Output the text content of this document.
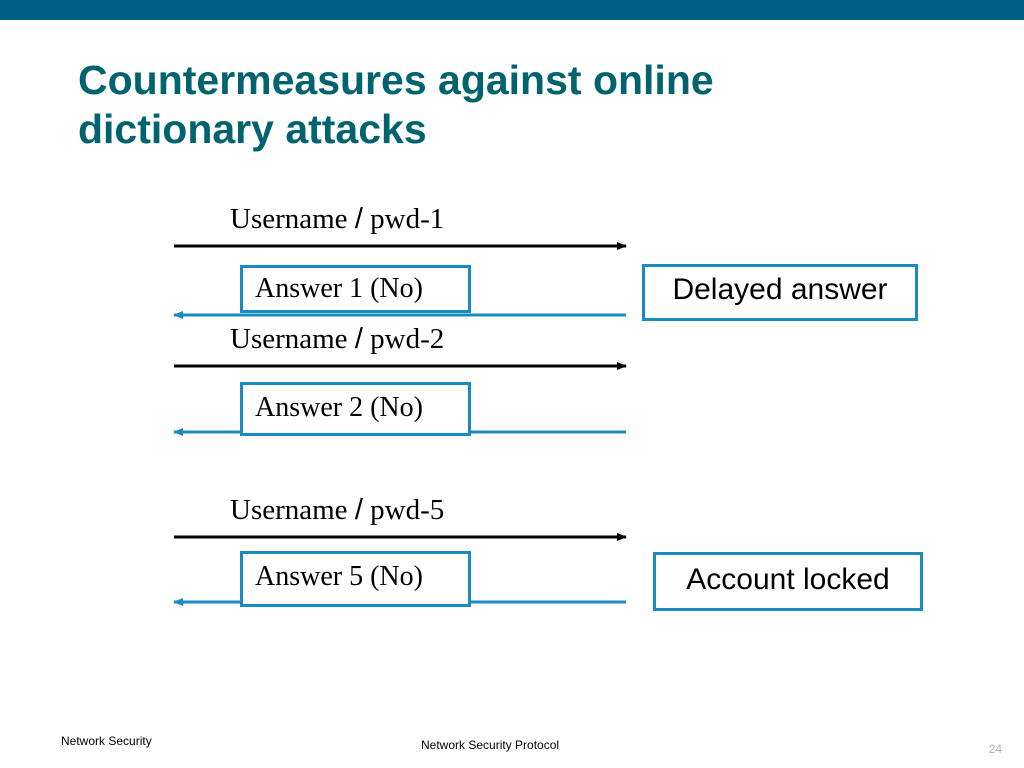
Countermeasures against online
dictionary attacks
Username / pwd-1
Answer 1 (No)
Username / pwd-2
Answer 2 (No)
Username / pwd-5
Answer 5 (No)
Delayed answer
Account locked
Network Security	Network Security Protocol	24
